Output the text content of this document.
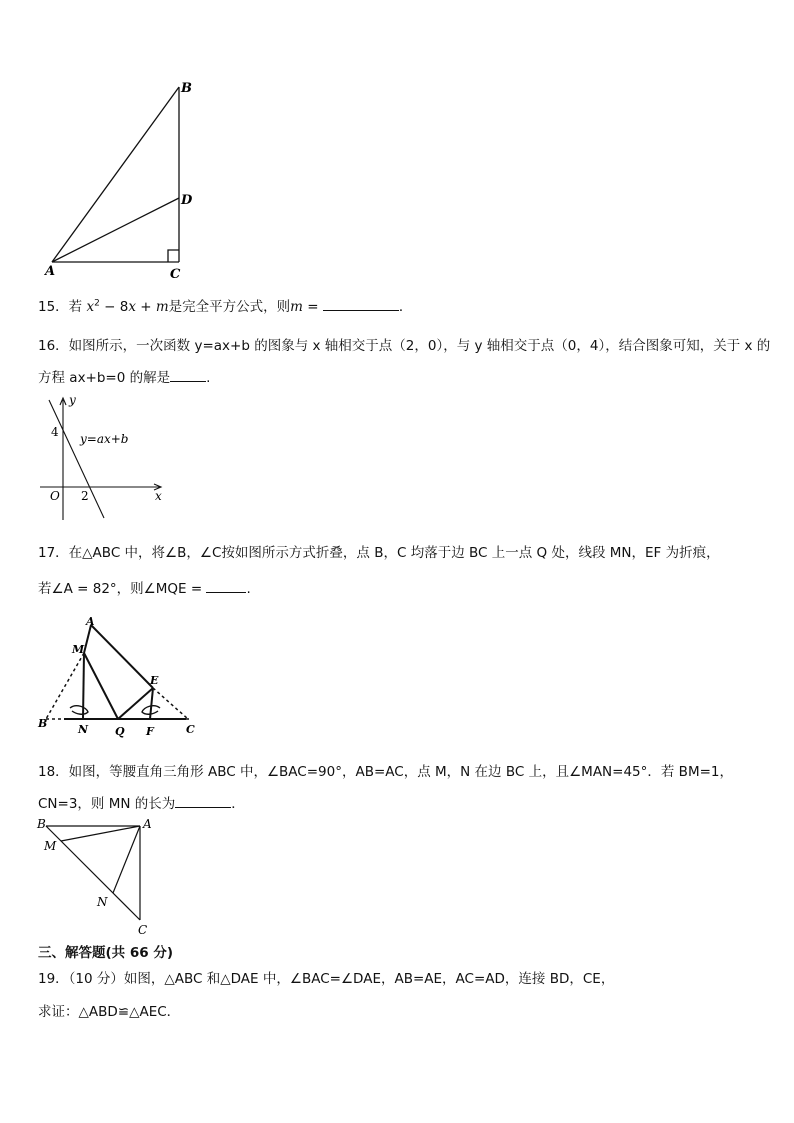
B
D
A	C
15．若 $x^2 - 8x + m$是完全平方公式，则m =	．
16．如图所示，一次函数 y=ax+b 的图象与 x 轴相交于点（2，0），与 y 轴相交于点（0，4），结合图象可知，关于 x 的
方程 ax+b=0 的解是	.
y
4 y=ax+b
O 2	x
17．在△ABC 中，将∠B，∠C按如图所示方式折叠，点 B，C 均落于边 BC 上一点 Q 处，线段 MN，EF 为折痕，
若∠A = 82°，则∠MQE =	.
A
M
E
B	N Q F	C
18．如图，等腰直角三角形 ABC 中，∠BAC=90°，AB=AC，点 M，N 在边 BC 上，且∠MAN=45°．若 BM=1，
CN=3，则 MN 的长为	．
B	A
M
N
C
三、解答题(共 66 分)
19．（10 分）如图，△ABC 和△DAE 中，∠BAC=∠DAE，AB=AE，AC=AD，连接 BD，CE，
求证：△ABD≌△AEC．
